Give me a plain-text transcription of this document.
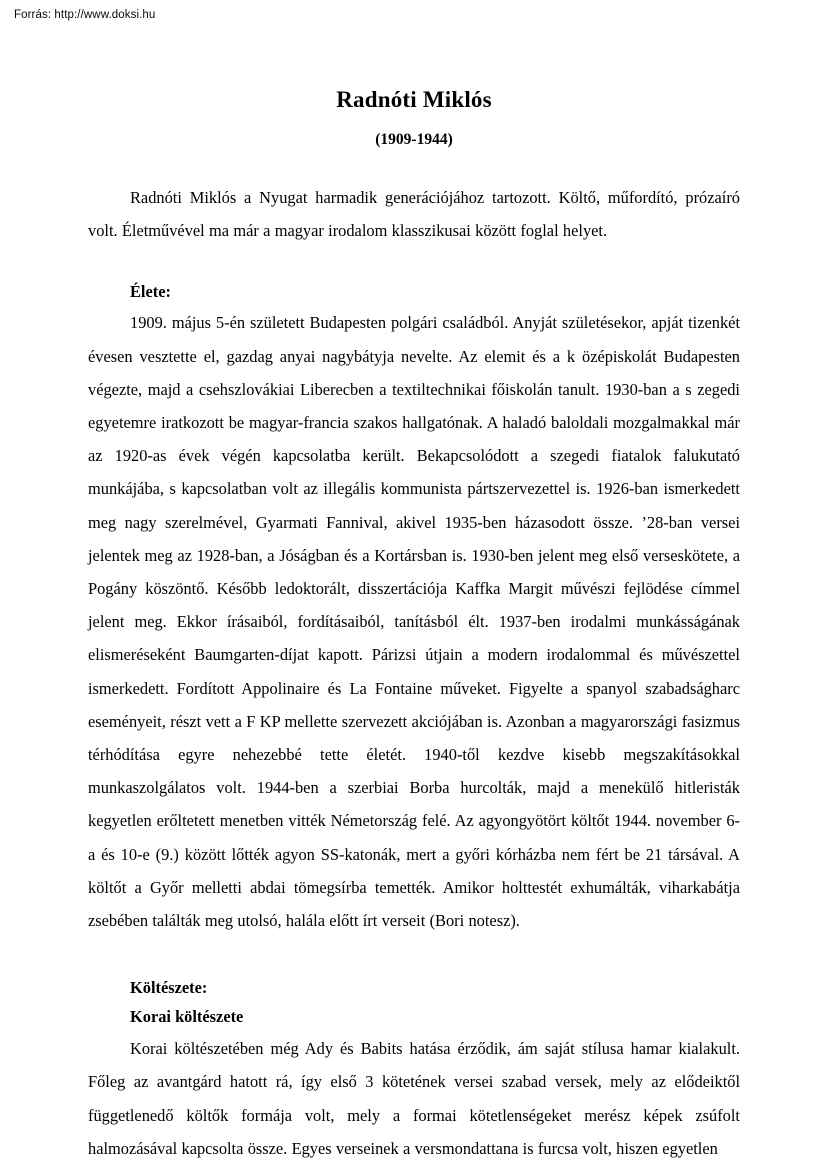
Forrás: http://www.doksi.hu
Radnóti Miklós
(1909-1944)

Radnóti Miklós a Nyugat harmadik generációjához tartozott. Költő, műfordító, prózaíró volt. Életművével ma már a magyar irodalom klasszikusai között foglal helyet.

Élete:

1909. május 5-én született Budapesten polgári családból. Anyját születésekor, apját tizenkét évesen vesztette el, gazdag anyai nagybátyja nevelte. Az elemit és a k özépiskolát Budapesten végezte, majd a csehszlovákiai Liberecben a textiltechnikai főiskolán tanult. 1930-ban a s zegedi egyetemre iratkozott be magyar-francia szakos hallgatónak. A haladó baloldali mozgalmakkal már az 1920-as évek végén kapcsolatba került. Bekapcsolódott a szegedi fiatalok falukutató munkájába, s kapcsolatban volt az illegális kommunista pártszervezettel is. 1926-ban ismerkedett meg nagy szerelmével, Gyarmati Fannival, akivel 1935-ben házasodott össze. ’28-ban versei jelentek meg az 1928-ban, a Jóságban és a Kortársban is. 1930-ben jelent meg első verseskötete, a Pogány köszöntő. Később ledoktorált, disszertációja Kaffka Margit művészi fejlödése címmel jelent meg. Ekkor írásaiból, fordításaiból, tanításból élt. 1937-ben irodalmi munkásságának elismeréseként Baumgarten-díjat kapott. Párizsi útjain a modern irodalommal és művészettel ismerkedett. Fordított Appolinaire és La Fontaine műveket. Figyelte a spanyol szabadságharc eseményeit, részt vett a F KP mellette szervezett akciójában is. Azonban a magyarországi fasizmus térhódítása egyre nehezebbé tette életét. 1940-től kezdve kisebb megszakításokkal munkaszolgálatos volt. 1944-ben a szerbiai Borba hurcolták, majd a menekülő hitleristák kegyetlen erőltetett menetben vitték Németország felé. Az agyongyötört költőt 1944. november 6-a és 10-e (9.) között lőtték agyon SS-katonák, mert a győri kórházba nem fért be 21 társával. A költőt a Győr melletti abdai tömegsírba temették. Amikor holttestét exhumálták, viharkabátja zsebében találták meg utolsó, halála előtt írt verseit (Bori notesz).

Költészete:
Korai költészete

Korai költészetében még Ady és Babits hatása érződik, ám saját stílusa hamar kialakult. Főleg az avantgárd hatott rá, így első 3 kötetének versei szabad versek, mely az elődeiktől függetlenedő költők formája volt, mely a formai kötetlenségeket merész képek zsúfolt halmozásával kapcsolta össze. Egyes verseinek a versmondattana is furcsa volt, hiszen egyetlen
